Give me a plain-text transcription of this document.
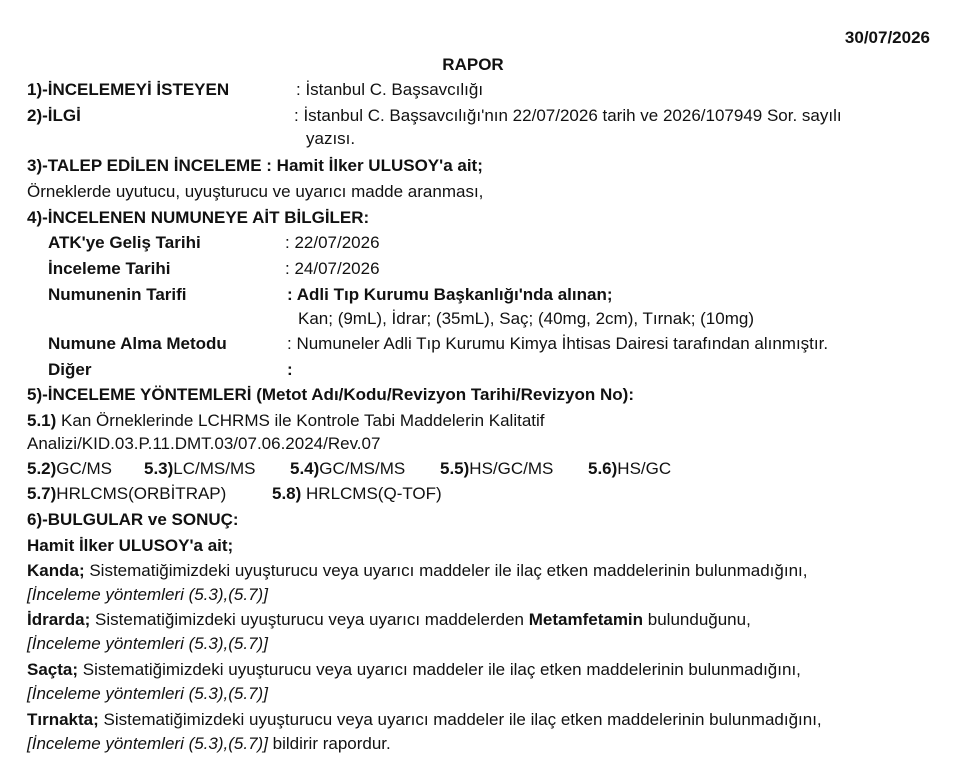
30/07/2026
RAPOR
1)-İNCELEMEYİ İSTEYEN	: İstanbul C. Başsavcılığı
2)-İLGİ	: İstanbul C. Başsavcılığı'nın 22/07/2026 tarih ve 2026/107949 Sor. sayılı
yazısı.
3)-TALEP EDİLEN İNCELEME : Hamit İlker ULUSOY'a ait;
Örneklerde uyutucu, uyuşturucu ve uyarıcı madde aranması,
4)-İNCELENEN NUMUNEYE AİT BİLGİLER:
ATK'ye Geliş Tarihi	: 22/07/2026
İnceleme Tarihi	: 24/07/2026
Numunenin Tarifi	: Adli Tıp Kurumu Başkanlığı'nda alınan;
Kan; (9mL), İdrar; (35mL), Saç; (40mg, 2cm), Tırnak; (10mg)
Numune Alma Metodu	: Numuneler Adli Tıp Kurumu Kimya İhtisas Dairesi tarafından alınmıştır.
Diğer	:
5)-İNCELEME YÖNTEMLERİ (Metot Adı/Kodu/Revizyon Tarihi/Revizyon No):
5.1) Kan Örneklerinde LCHRMS ile Kontrole Tabi Maddelerin Kalitatif
Analizi/KID.03.P.11.DMT.03/07.06.2024/Rev.07
5.2)GC/MS 5.3)LC/MS/MS 5.4)GC/MS/MS 5.5)HS/GC/MS 5.6)HS/GC
5.7)HRLCMS(ORBİTRAP)	5.8) HRLCMS(Q-TOF)
6)-BULGULAR ve SONUÇ:
Hamit İlker ULUSOY'a ait;
Kanda; Sistematiğimizdeki uyuşturucu veya uyarıcı maddeler ile ilaç etken maddelerinin bulunmadığını,
[İnceleme yöntemleri (5.3),(5.7)]
İdrarda; Sistematiğimizdeki uyuşturucu veya uyarıcı maddelerden Metamfetamin bulunduğunu,
[İnceleme yöntemleri (5.3),(5.7)]
Saçta; Sistematiğimizdeki uyuşturucu veya uyarıcı maddeler ile ilaç etken maddelerinin bulunmadığını,
[İnceleme yöntemleri (5.3),(5.7)]
Tırnakta; Sistematiğimizdeki uyuşturucu veya uyarıcı maddeler ile ilaç etken maddelerinin bulunmadığını,
[İnceleme yöntemleri (5.3),(5.7)] bildirir rapordur.
